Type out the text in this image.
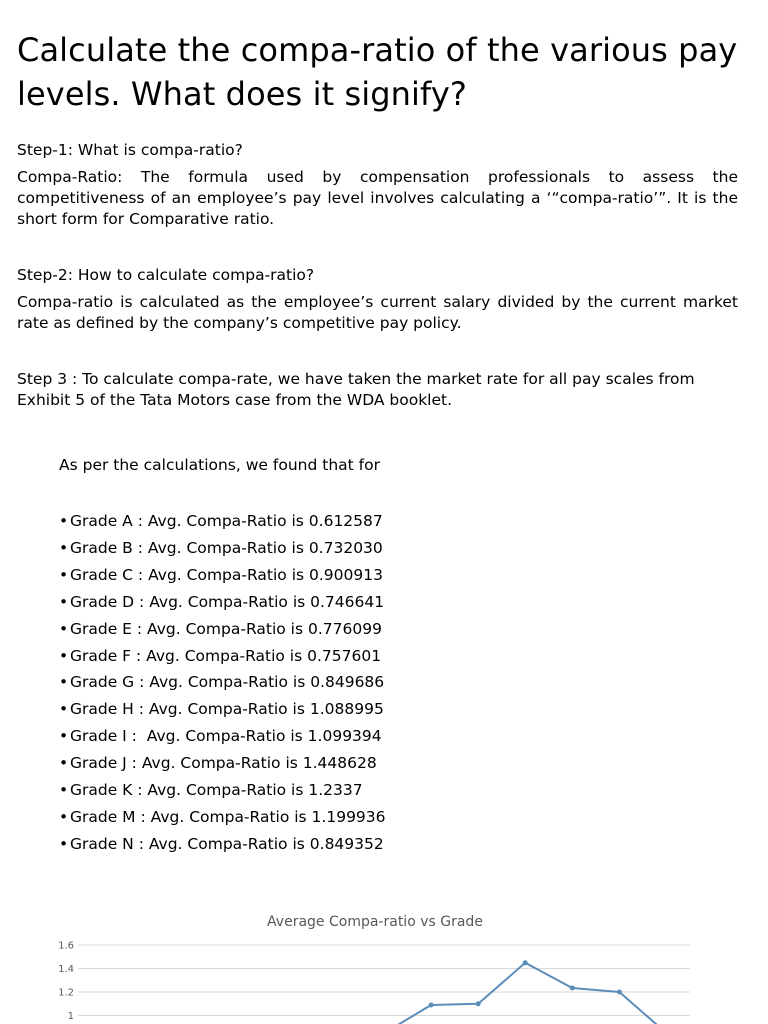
Calculate the compa-ratio of the various pay levels. What does it signify?

Step-1: What is compa-ratio?

Compa-Ratio: The formula used by compensation professionals to assess the competitiveness of an employee’s pay level involves calculating a ‘“compa-ratio’”. It is the short form for Comparative ratio.

Step-2: How to calculate compa-ratio?

Compa-ratio is calculated as the employee’s current salary divided by the current market rate as defined by the company’s competitive pay policy.

Step 3 : To calculate compa-rate, we have taken the market rate for all pay scales from Exhibit 5 of the Tata Motors case from the WDA booklet.

As per the calculations, we found that for

• Grade A : Avg. Compa-Ratio is 0.612587
• Grade B : Avg. Compa-Ratio is 0.732030
• Grade C : Avg. Compa-Ratio is 0.900913
• Grade D : Avg. Compa-Ratio is 0.746641
• Grade E : Avg. Compa-Ratio is 0.776099
• Grade F : Avg. Compa-Ratio is 0.757601
• Grade G : Avg. Compa-Ratio is 0.849686
• Grade H : Avg. Compa-Ratio is 1.088995
• Grade I :  Avg. Compa-Ratio is 1.099394
• Grade J : Avg. Compa-Ratio is 1.448628
• Grade K : Avg. Compa-Ratio is 1.2337
• Grade M : Avg. Compa-Ratio is 1.199936
• Grade N : Avg. Compa-Ratio is 0.849352
Average Compa-ratio vs Grade
1.6
1.4
1.2
1
